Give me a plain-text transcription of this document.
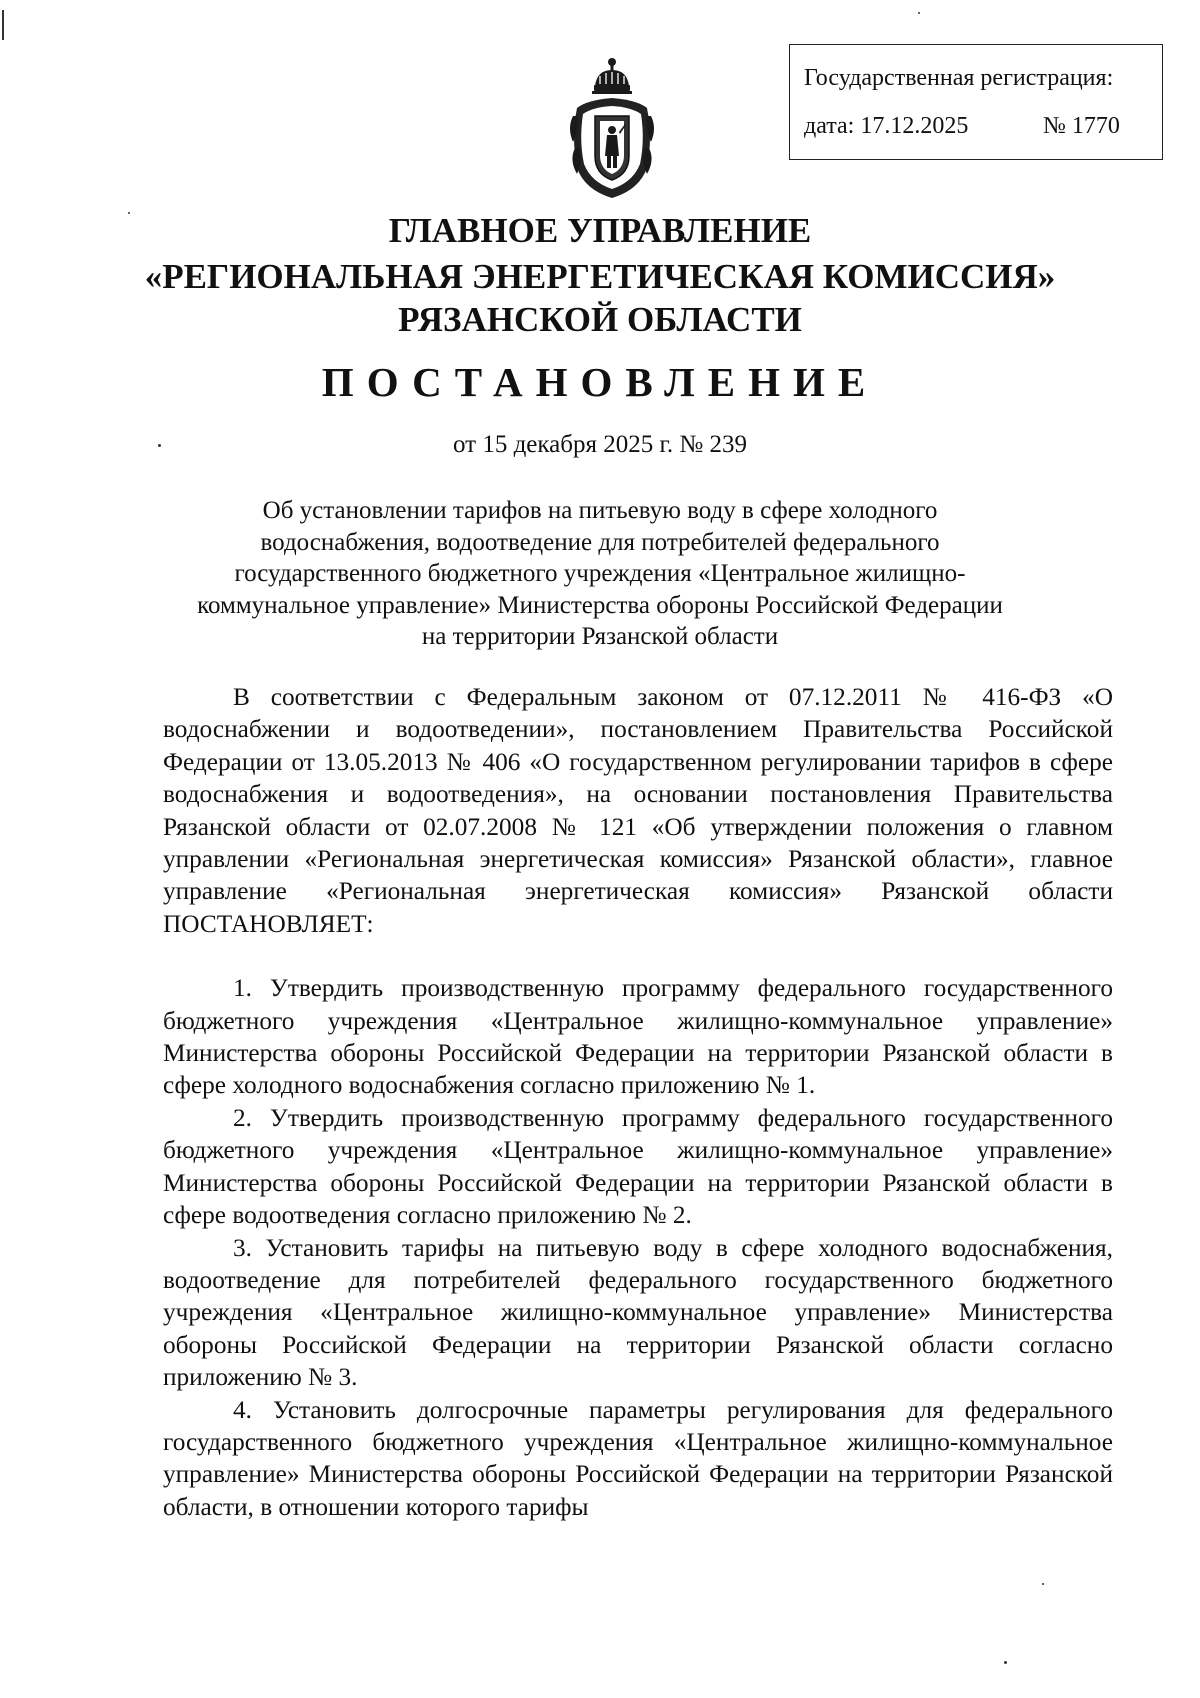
Государственная регистрация:
дата: 17.12.2025	№ 1770
ГЛАВНОЕ УПРАВЛЕНИЕ
«РЕГИОНАЛЬНАЯ ЭНЕРГЕТИЧЕСКАЯ КОМИССИЯ»
РЯЗАНСКОЙ ОБЛАСТИ
ПОСТАНОВЛЕНИЕ
от 15 декабря 2025 г. № 239
Об установлении тарифов на питьевую воду в сфере холодного
водоснабжения, водоотведение для потребителей федерального
государственного бюджетного учреждения «Центральное жилищно-
коммунальное управление» Министерства обороны Российской Федерации
на территории Рязанской области

В соответствии с Федеральным законом от 07.12.2011 № 416-ФЗ «О водоснабжении и водоотведении», постановлением Правительства Российской Федерации от 13.05.2013 № 406 «О государственном регулировании тарифов в сфере водоснабжения и водоотведения», на основании постановления Правительства Рязанской области от 02.07.2008 № 121 «Об утверждении положения о главном управлении «Региональная энергетическая комиссия» Рязанской области», главное управление «Региональная энергетическая комиссия» Рязанской области ПОСТАНОВЛЯЕТ:

1. Утвердить производственную программу федерального государственного бюджетного учреждения «Центральное жилищно-коммунальное управление» Министерства обороны Российской Федерации на территории Рязанской области в сфере холодного водоснабжения согласно приложению № 1.

2. Утвердить производственную программу федерального государственного бюджетного учреждения «Центральное жилищно-коммунальное управление» Министерства обороны Российской Федерации на территории Рязанской области в сфере водоотведения согласно приложению № 2.

3. Установить тарифы на питьевую воду в сфере холодного водоснабжения, водоотведение для потребителей федерального государственного бюджетного учреждения «Центральное жилищно-коммунальное управление» Министерства обороны Российской Федерации на территории Рязанской области согласно приложению № 3.

4. Установить долгосрочные параметры регулирования для федерального государственного бюджетного учреждения «Центральное жилищно-коммунальное управление» Министерства обороны Российской Федерации на территории Рязанской области, в отношении которого тарифы
